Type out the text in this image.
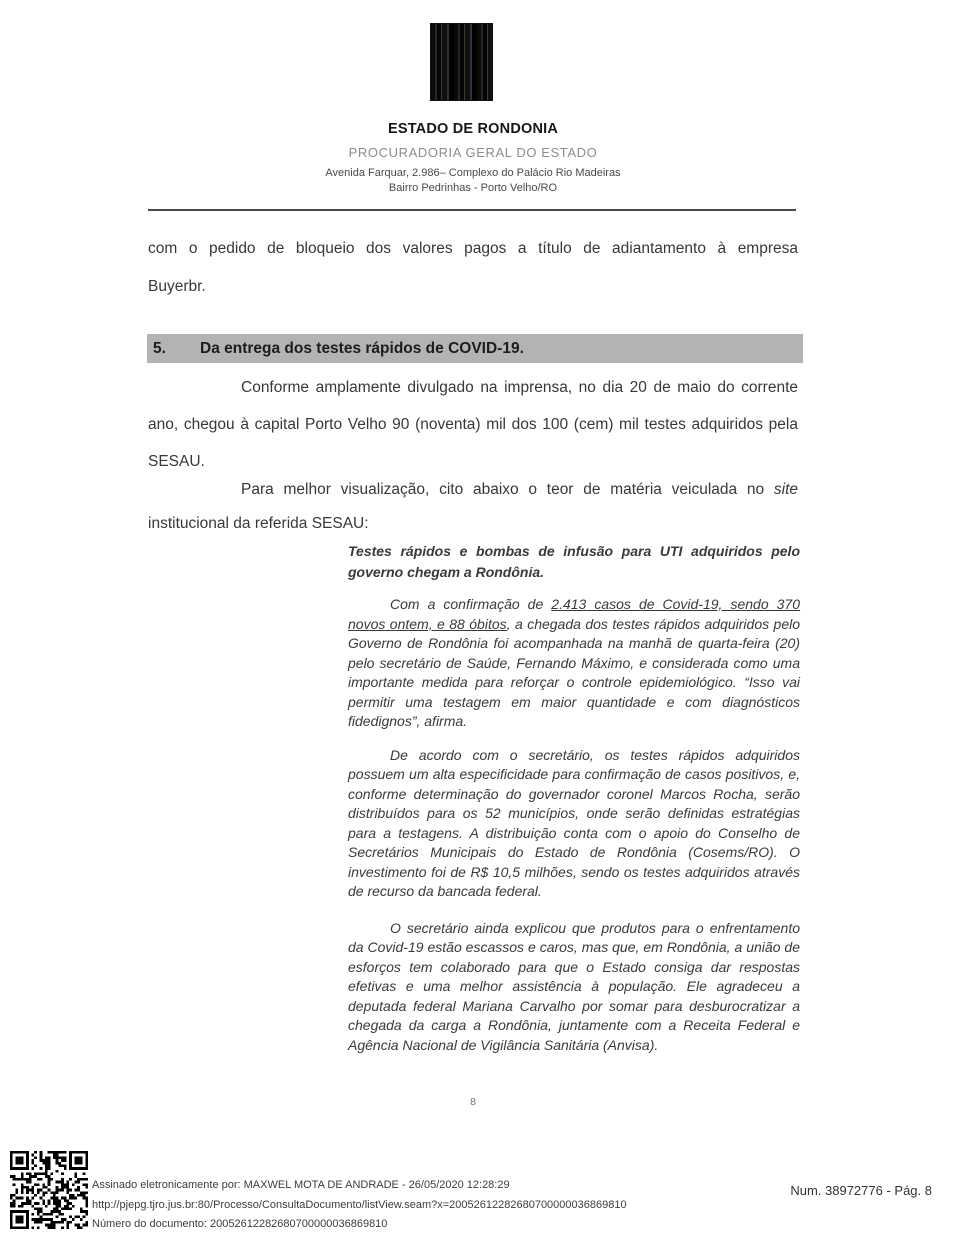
ESTADO DE RONDONIA
PROCURADORIA GERAL DO ESTADO
Avenida Farquar, 2.986– Complexo do Palácio Rio Madeiras
Bairro Pedrinhas - Porto Velho/RO
com o pedido de bloqueio dos valores pagos a título de adiantamento à empresa
Buyerbr.
5. Da entrega dos testes rápidos de COVID-19.
Conforme amplamente divulgado na imprensa, no dia 20 de maio do corrente ano, chegou à capital Porto Velho 90 (noventa) mil dos 100 (cem) mil testes adquiridos pela SESAU.
Para melhor visualização, cito abaixo o teor de matéria veiculada no site institucional da referida SESAU:
Testes rápidos e bombas de infusão para UTI adquiridos pelo governo chegam a Rondônia.

Com a confirmação de 2.413 casos de Covid-19, sendo 370 novos ontem, e 88 óbitos, a chegada dos testes rápidos adquiridos pelo Governo de Rondônia foi acompanhada na manhã de quarta-feira (20) pelo secretário de Saúde, Fernando Máximo, e considerada como uma importante medida para reforçar o controle epidemiológico. “Isso vai permitir uma testagem em maior quantidade e com diagnósticos fidedignos”, afirma.

De acordo com o secretário, os testes rápidos adquiridos possuem um alta especificidade para confirmação de casos positivos, e, conforme determinação do governador coronel Marcos Rocha, serão distribuídos para os 52 municípios, onde serão definidas estratégias para a testagens. A distribuição conta com o apoio do Conselho de Secretários Municipais do Estado de Rondônia (Cosems/RO). O investimento foi de R$ 10,5 milhões, sendo os testes adquiridos através de recurso da bancada federal.

O secretário ainda explicou que produtos para o enfrentamento da Covid-19 estão escassos e caros, mas que, em Rondônia, a união de esforços tem colaborado para que o Estado consiga dar respostas efetivas e uma melhor assistência à população. Ele agradeceu a deputada federal Mariana Carvalho por somar para desburocratizar a chegada da carga a Rondônia, juntamente com a Receita Federal e Agência Nacional de Vigilância Sanitária (Anvisa).

8
Assinado eletronicamente por: MAXWEL MOTA DE ANDRADE - 26/05/2020 12:28:29
http://pjepg.tjro.jus.br:80/Processo/ConsultaDocumento/listView.seam?x=20052612282680700000036869810
Número do documento: 20052612282680700000036869810
Num. 38972776 - Pág. 8
